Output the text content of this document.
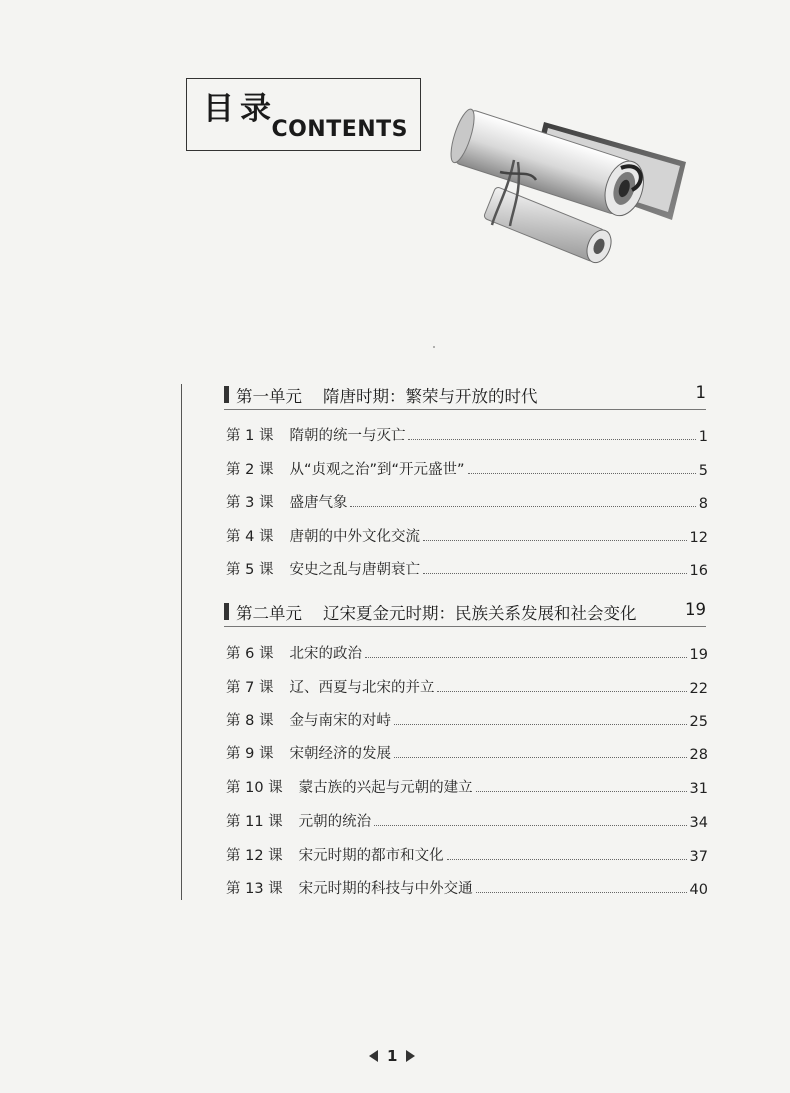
目录
CONTENTS
第一单元 隋唐时期：繁荣与开放的时代	1
第 1 课 隋朝的统一与灭亡	1
第 2 课 从“贞观之治”到“开元盛世”	5
第 3 课 盛唐气象	8
第 4 课 唐朝的中外文化交流	12
第 5 课 安史之乱与唐朝衰亡	16
第二单元 辽宋夏金元时期：民族关系发展和社会变化	19
第 6 课 北宋的政治	19
第 7 课 辽、西夏与北宋的并立	22
第 8 课 金与南宋的对峙	25
第 9 课 宋朝经济的发展	28
第 10 课 蒙古族的兴起与元朝的建立	31
第 11 课 元朝的统治	34
第 12 课 宋元时期的都市和文化	37
第 13 课 宋元时期的科技与中外交通	40
1
